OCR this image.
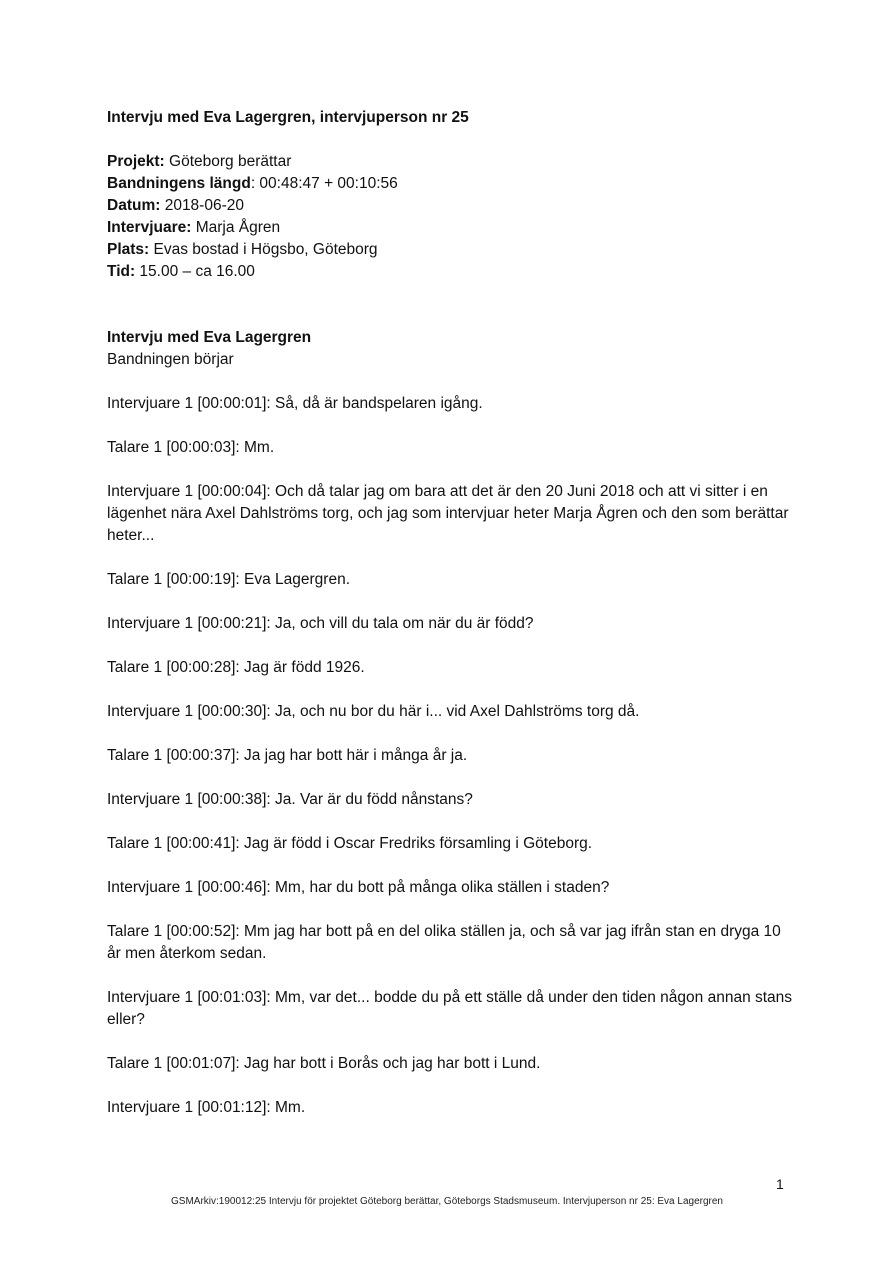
Intervju med Eva Lagergren, intervjuperson nr 25

Projekt: Göteborg berättar

Bandningens längd: 00:48:47 + 00:10:56

Datum: 2018-06-20

Intervjuare: Marja Ågren

Plats: Evas bostad i Högsbo, Göteborg

Tid: 15.00 – ca 16.00

Intervju med Eva Lagergren

Bandningen börjar

Intervjuare 1 [00:00:01]: Så, då är bandspelaren igång.

Talare 1 [00:00:03]: Mm.

Intervjuare 1 [00:00:04]: Och då talar jag om bara att det är den 20 Juni 2018 och att vi sitter i en lägenhet nära Axel Dahlströms torg, och jag som intervjuar heter Marja Ågren och den som berättar heter...

Talare 1 [00:00:19]: Eva Lagergren.

Intervjuare 1 [00:00:21]: Ja, och vill du tala om när du är född?

Talare 1 [00:00:28]: Jag är född 1926.

Intervjuare 1 [00:00:30]: Ja, och nu bor du här i... vid Axel Dahlströms torg då.

Talare 1 [00:00:37]: Ja jag har bott här i många år ja.

Intervjuare 1 [00:00:38]: Ja. Var är du född nånstans?

Talare 1 [00:00:41]: Jag är född i Oscar Fredriks församling i Göteborg.

Intervjuare 1 [00:00:46]: Mm, har du bott på många olika ställen i staden?

Talare 1 [00:00:52]: Mm jag har bott på en del olika ställen ja, och så var jag ifrån stan en dryga 10 år men återkom sedan.

Intervjuare 1 [00:01:03]: Mm, var det... bodde du på ett ställe då under den tiden någon annan stans eller?

Talare 1 [00:01:07]: Jag har bott i Borås och jag har bott i Lund.

Intervjuare 1 [00:01:12]: Mm.

1
GSMArkiv:190012:25 Intervju för projektet Göteborg berättar, Göteborgs Stadsmuseum. Intervjuperson nr 25: Eva Lagergren
